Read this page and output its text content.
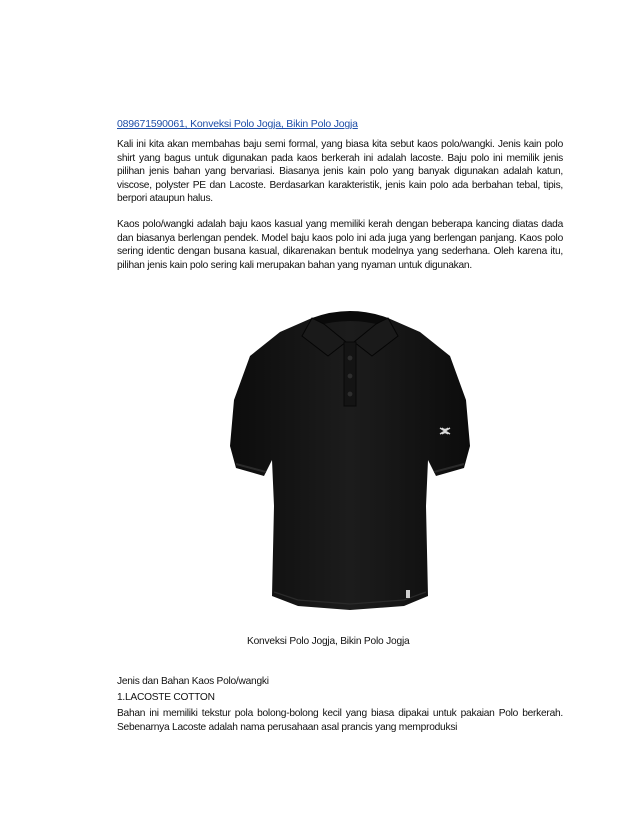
089671590061, Konveksi Polo Jogja, Bikin Polo Jogja

Kali ini kita akan membahas baju semi formal, yang biasa kita sebut kaos polo/wangki. Jenis kain polo shirt yang bagus untuk digunakan pada kaos berkerah ini adalah lacoste. Baju polo ini memilik jenis pilihan jenis bahan yang bervariasi. Biasanya jenis kain polo yang banyak digunakan adalah katun, viscose, polyster PE dan Lacoste. Berdasarkan karakteristik, jenis kain polo ada berbahan tebal, tipis, berpori ataupun halus.

Kaos polo/wangki adalah baju kaos kasual yang memiliki kerah dengan beberapa kancing diatas dada dan biasanya berlengan pendek. Model baju kaos polo ini ada juga yang berlengan panjang. Kaos polo sering identic dengan busana kasual, dikarenakan bentuk modelnya yang sederhana. Oleh karena itu, pilihan jenis kain polo sering kali merupakan bahan yang nyaman untuk digunakan.

Konveksi Polo Jogja, Bikin Polo Jogja
Jenis dan Bahan Kaos Polo/wangki
1.LACOSTE COTTON

Bahan ini memiliki tekstur pola bolong-bolong kecil yang biasa dipakai untuk pakaian Polo berkerah. Sebenarnya Lacoste adalah nama perusahaan asal prancis yang memproduksi
